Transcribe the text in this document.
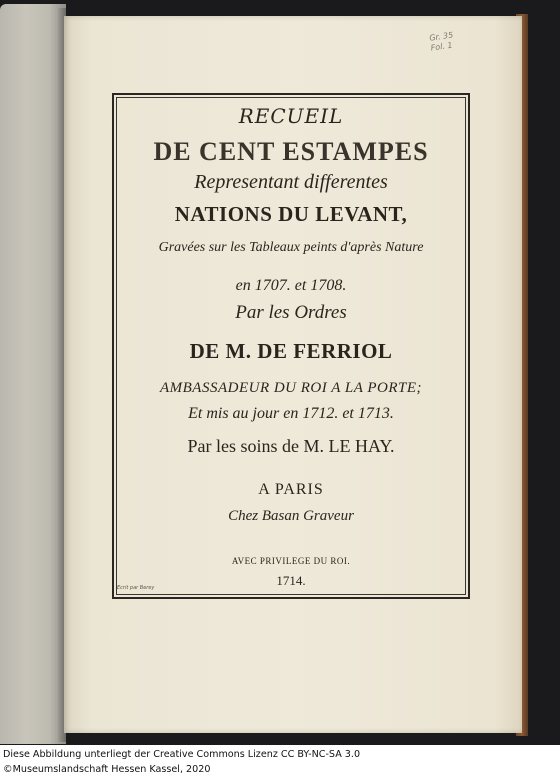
Gr. 35
Fol. 1
RECUEIL
DE CENT ESTAMPES
Representant differentes
NATIONS DU LEVANT,
Gravées sur les Tableaux peints d'après Nature
en 1707. et 1708.
Par les Ordres
DE M. DE FERRIOL
AMBASSADEUR DU ROI A LA PORTE;
Et mis au jour en 1712. et 1713.
Par les soins de M. LE HAY.
A PARIS
Chez Basan Graveur
AVEC PRIVILEGE DU ROI.
1714.
Ecrit par Berey
Diese Abbildung unterliegt der Creative Commons Lizenz CC BY-NC-SA 3.0
©Museumslandschaft Hessen Kassel, 2020
